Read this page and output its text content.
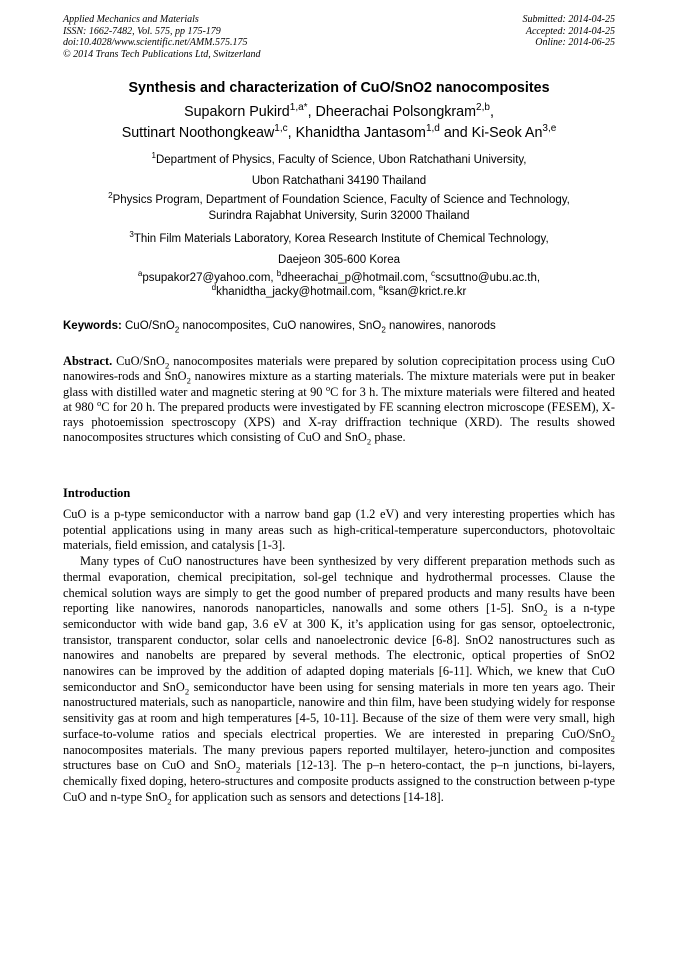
Applied Mechanics and Materials
ISSN: 1662-7482, Vol. 575, pp 175-179
doi:10.4028/www.scientific.net/AMM.575.175
© 2014 Trans Tech Publications Ltd, Switzerland
Submitted: 2014-04-25
Accepted: 2014-04-25
Online: 2014-06-25
Synthesis and characterization of CuO/SnO2 nanocomposites
Supakorn Pukird$^{1,a*}$, Dheerachai Polsongkram$^{2,b}$,
Suttinart Noothongkeaw$^{1,c}$, Khanidtha Jantasom$^{1,d}$ and Ki-Seok An$^{3,e}$
$^1$Department of Physics, Faculty of Science, Ubon Ratchathani University,
Ubon Ratchathani 34190 Thailand
$^2$Physics Program, Department of Foundation Science, Faculty of Science and Technology,
Surindra Rajabhat University, Surin 32000 Thailand
$^3$Thin Film Materials Laboratory, Korea Research Institute of Chemical Technology,
Daejeon 305-600 Korea
$^a$psupakor27@yahoo.com, $^b$dheerachai_p@hotmail.com, $^c$scsuttno@ubu.ac.th,
$^d$khanidtha_jacky@hotmail.com, $^e$ksan@krict.re.kr
Keywords: CuO/SnO$_2$ nanocomposites, CuO nanowires, SnO$_2$ nanowires, nanorods
Abstract. CuO/SnO$_2$ nanocomposites materials were prepared by solution coprecipitation process using CuO nanowires-rods and SnO$_2$ nanowires mixture as a starting materials. The mixture materials were put in beaker glass with distilled water and magnetic stering at 90 $^o$C for 3 h. The mixture materials were filtered and heated at 980 $^o$C for 20 h. The prepared products were investigated by FE scanning electron microscope (FESEM), X-rays photoemission spectroscopy (XPS) and X-ray driffraction technique (XRD). The results showed nanocomposites structures which consisting of CuO and SnO$_2$ phase.
Introduction

CuO is a p-type semiconductor with a narrow band gap (1.2 eV) and very interesting properties which has potential applications using in many areas such as high-critical-temperature superconductors, photovoltaic materials, field emission, and catalysis [1-3].

Many types of CuO nanostructures have been synthesized by very different preparation methods such as thermal evaporation, chemical precipitation, sol-gel technique and hydrothermal processes. Clause the chemical solution ways are simply to get the good number of prepared products and many results have been reporting like nanowires, nanorods nanoparticles, nanowalls and some others [1-5]. SnO$_2$ is a n-type semiconductor with wide band gap, 3.6 eV at 300 K, it’s application using for gas sensor, optoelectronic, transistor, transparent conductor, solar cells and nanoelectronic device [6-8]. SnO2 nanostructures such as nanowires and nanobelts are prepared by several methods. The electronic, optical properties of SnO2 nanowires can be improved by the addition of adapted doping materials [6-11]. Which, we knew that CuO semiconductor and SnO$_2$ semiconductor have been using for sensing materials in more ten years ago. Their nanostructured materials, such as nanoparticle, nanowire and thin film, have been studying widely for response sensitivity gas at room and high temperatures [4-5, 10-11]. Because of the size of them were very small, high surface-to-volume ratios and specials electrical properties. We are interested in preparing CuO/SnO$_2$ nanocomposites materials. The many previous papers reported multilayer, hetero-junction and composites structures base on CuO and SnO$_2$ materials [12-13]. The p–n hetero-contact, the p–n junctions, bi-layers, chemically fixed doping, hetero-structures and composite products assigned to the construction between p-type CuO and n-type SnO$_2$ for application such as sensors and detections [14-18].
